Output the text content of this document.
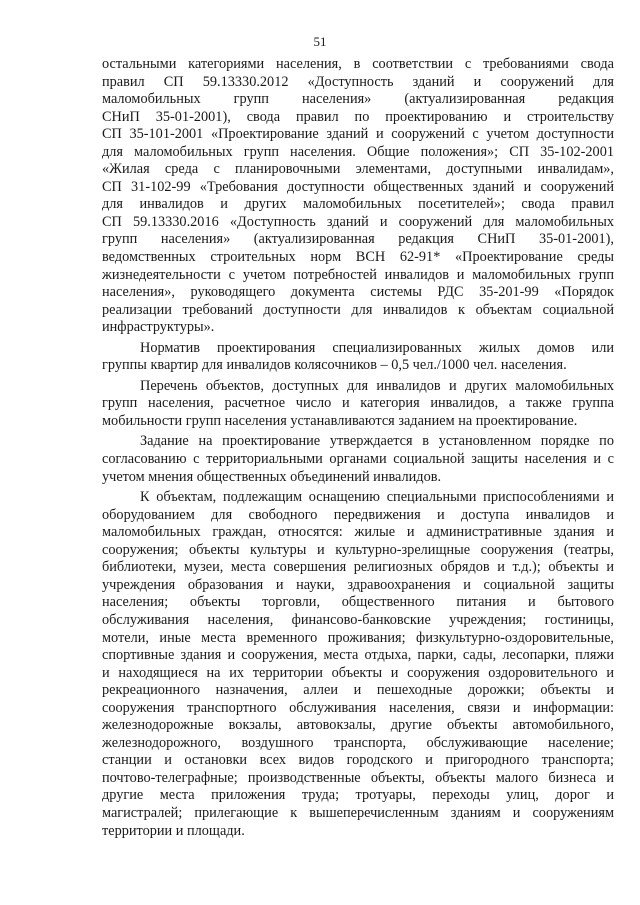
51

остальными категориями населения, в соответствии с требованиями свода
правил СП 59.13330.2012 «Доступность зданий и сооружений для
маломобильных групп населения» (актуализированная редакция
СНиП 35-01-2001), свода правил по проектированию и строительству
СП 35-101-2001 «Проектирование зданий и сооружений с учетом доступности
для маломобильных групп населения. Общие положения»; СП 35-102-2001
«Жилая среда с планировочными элементами, доступными инвалидам»,
СП 31-102-99 «Требования доступности общественных зданий и сооружений
для инвалидов и других маломобильных посетителей»; свода правил
СП 59.13330.2016 «Доступность зданий и сооружений для маломобильных
групп населения» (актуализированная редакция СНиП 35-01-2001),
ведомственных строительных норм ВСН 62-91* «Проектирование среды
жизнедеятельности с учетом потребностей инвалидов и маломобильных групп
населения», руководящего документа системы РДС 35-201-99 «Порядок
реализации требований доступности для инвалидов к объектам социальной
инфраструктуры».

Норматив проектирования специализированных жилых домов или
группы квартир для инвалидов колясочников – 0,5 чел./1000 чел. населения.

Перечень объектов, доступных для инвалидов и других маломобильных
групп населения, расчетное число и категория инвалидов, а также группа
мобильности групп населения устанавливаются заданием на проектирование.

Задание на проектирование утверждается в установленном порядке по
согласованию с территориальными органами социальной защиты населения и с
учетом мнения общественных объединений инвалидов.

К объектам, подлежащим оснащению специальными приспособлениями и
оборудованием для свободного передвижения и доступа инвалидов и
маломобильных граждан, относятся: жилые и административные здания и
сооружения; объекты культуры и культурно-зрелищные сооружения (театры,
библиотеки, музеи, места совершения религиозных обрядов и т.д.); объекты и
учреждения образования и науки, здравоохранения и социальной защиты
населения; объекты торговли, общественного питания и бытового
обслуживания населения, финансово-банковские учреждения; гостиницы,
мотели, иные места временного проживания; физкультурно-оздоровительные,
спортивные здания и сооружения, места отдыха, парки, сады, лесопарки, пляжи
и находящиеся на их территории объекты и сооружения оздоровительного и
рекреационного назначения, аллеи и пешеходные дорожки; объекты и
сооружения транспортного обслуживания населения, связи и информации:
железнодорожные вокзалы, автовокзалы, другие объекты автомобильного,
железнодорожного, воздушного транспорта, обслуживающие население;
станции и остановки всех видов городского и пригородного транспорта;
почтово-телеграфные; производственные объекты, объекты малого бизнеса и
другие места приложения труда; тротуары, переходы улиц, дорог и
магистралей; прилегающие к вышеперечисленным зданиям и сооружениям
территории и площади.
